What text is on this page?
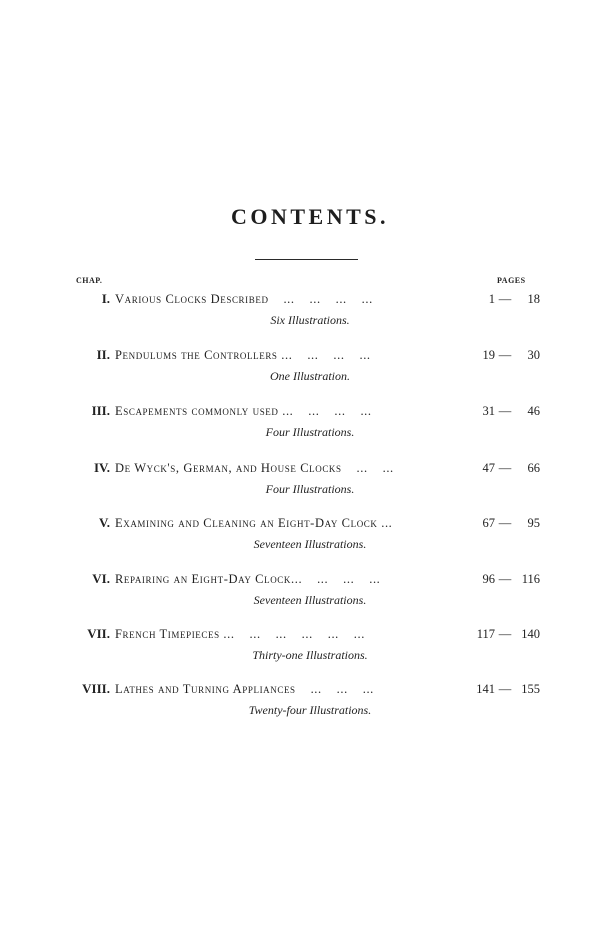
CONTENTS.
CHAP.	PAGES
I. Various Clocks Described    ...    ...    ...    ...	1 — 18
Six Illustrations.
II. Pendulums the Controllers ...    ...    ...    ...	19 — 30
One Illustration.
III. Escapements commonly used ...    ...    ...    ...	31 — 46
Four Illustrations.
IV. De Wyck's, German, and House Clocks    ...    ...	47 — 66
Four Illustrations.
V. Examining and Cleaning an Eight-Day Clock ...	67 — 95
Seventeen Illustrations.
VI. Repairing an Eight-Day Clock...    ...    ...    ...	96 — 116
Seventeen Illustrations.
VII. French Timepieces ...    ...    ...    ...    ...    ...	117 — 140
Thirty-one Illustrations.
VIII. Lathes and Turning Appliances    ...    ...    ...	141 — 155
Twenty-four Illustrations.
